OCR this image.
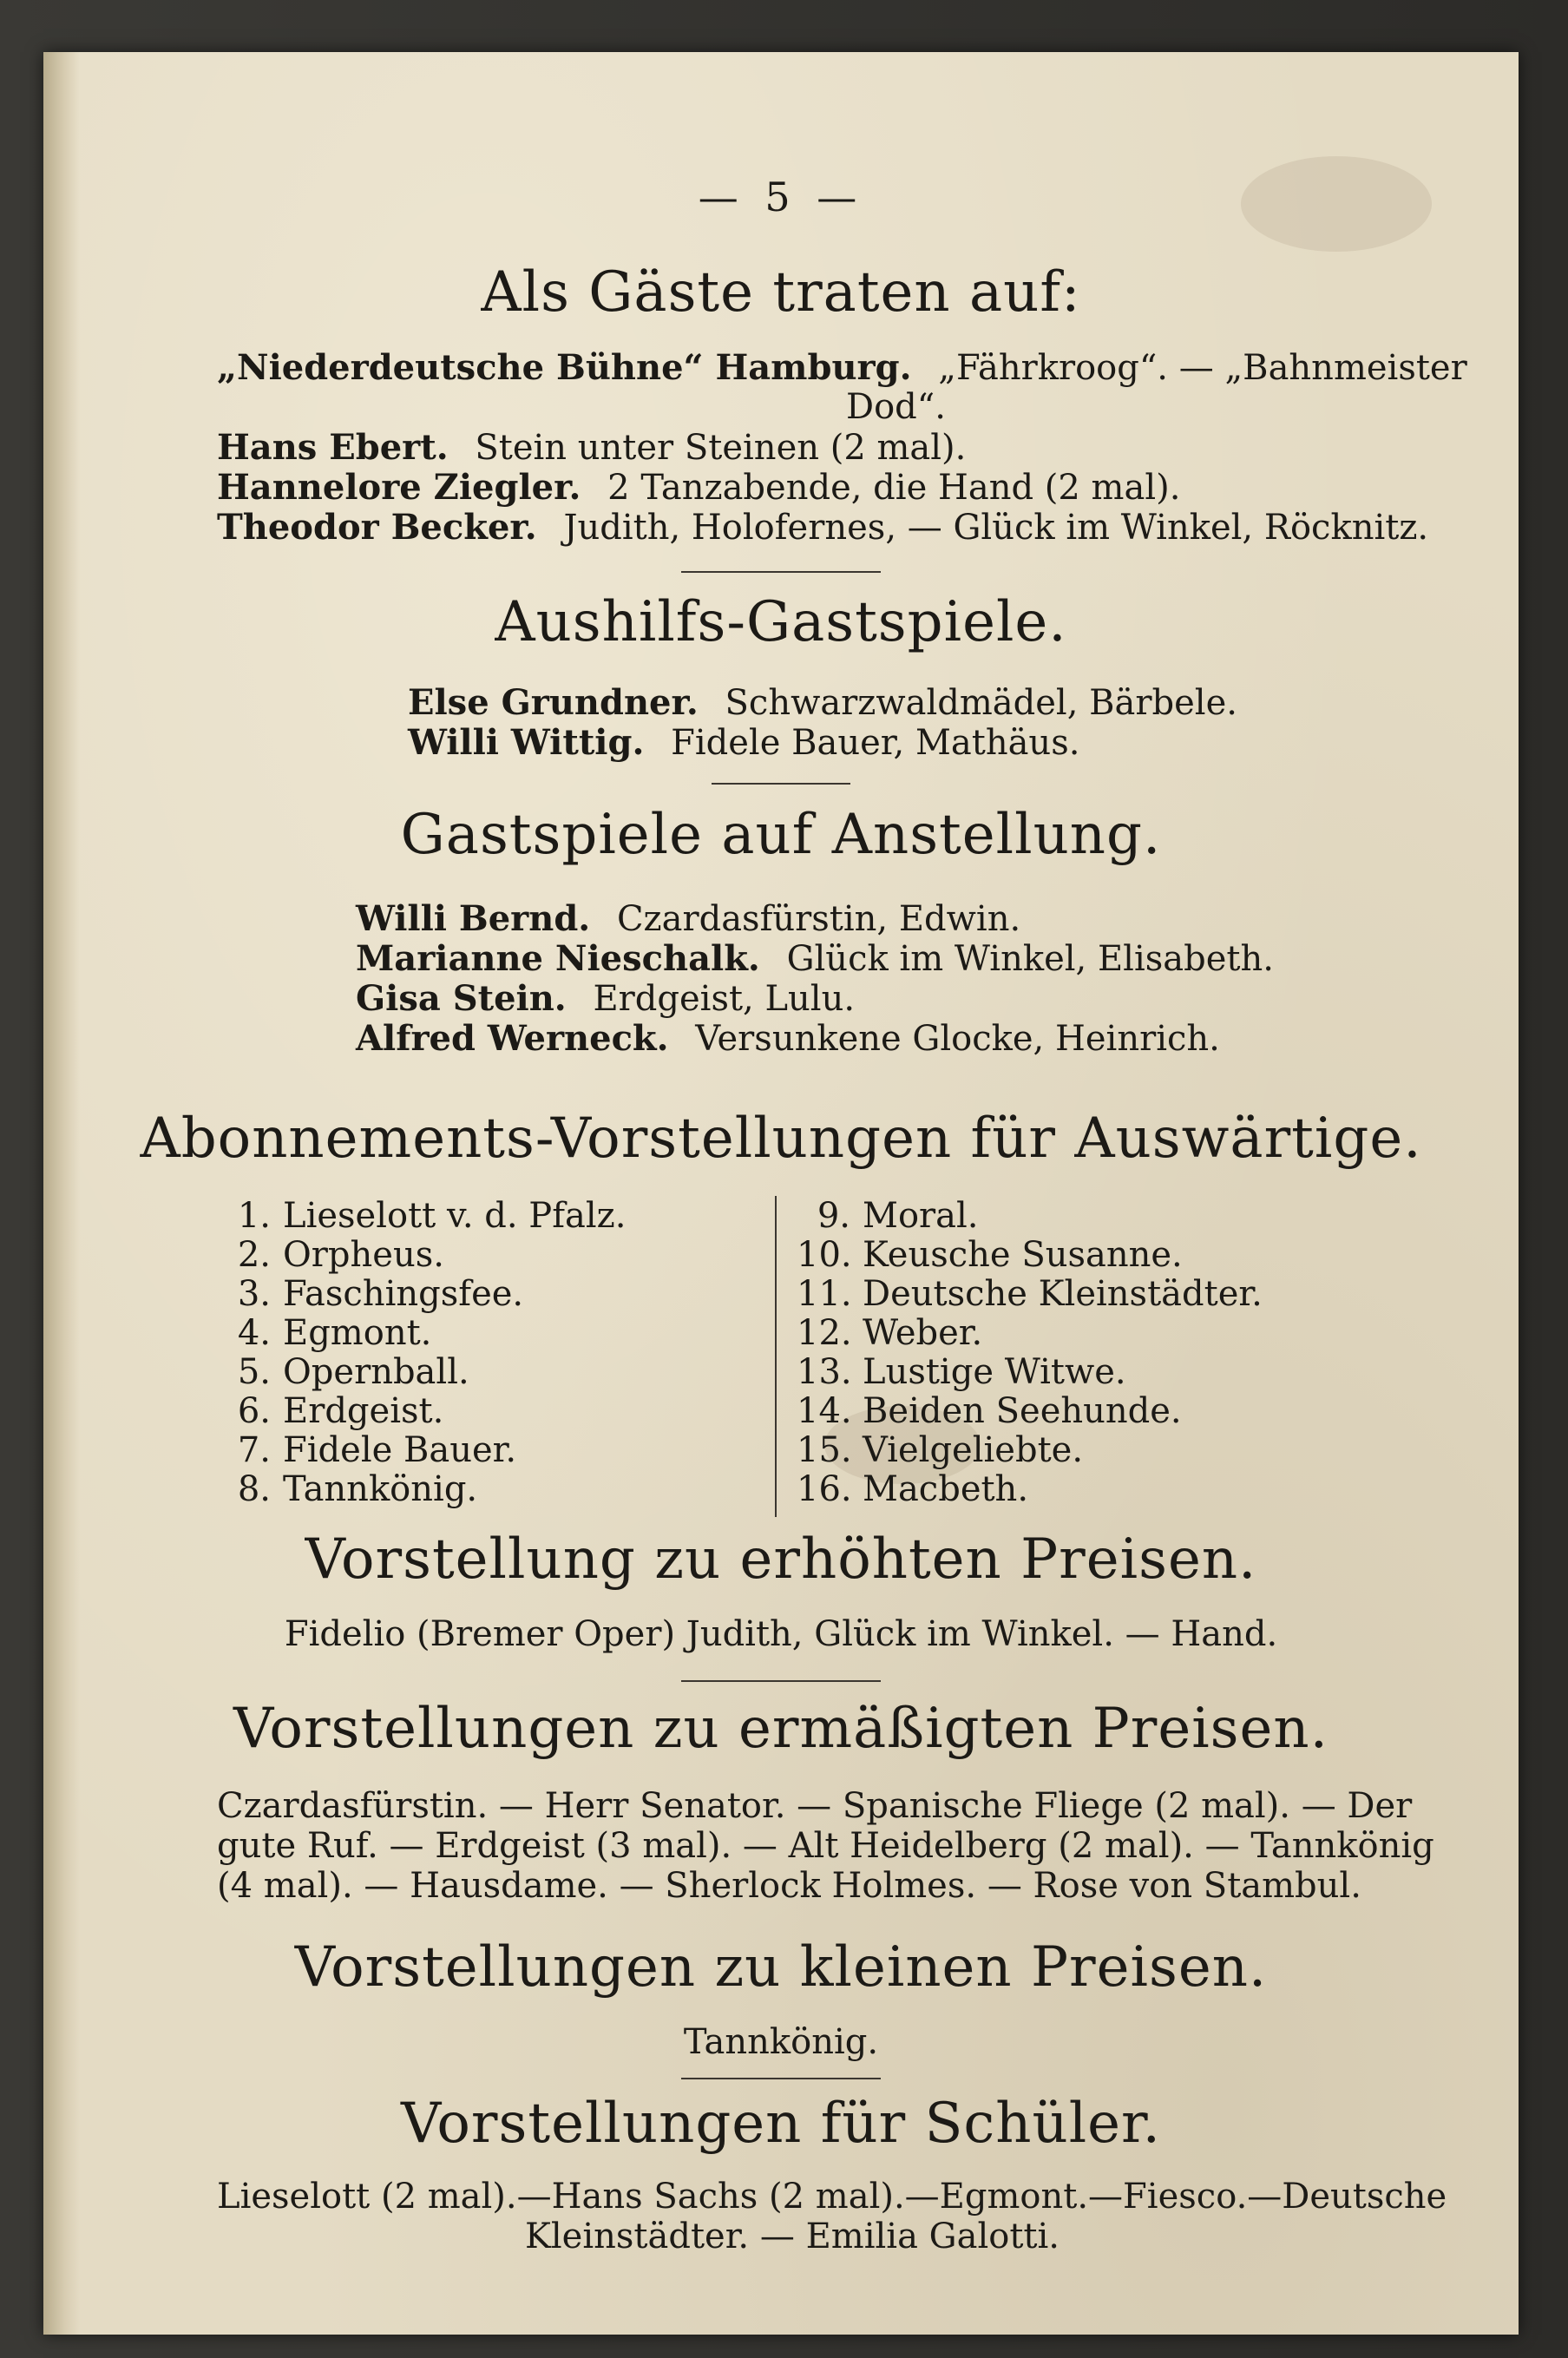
— 5 —
Als Gäste traten auf:
„Niederdeutsche Bühne“ Hamburg. „Fährkroog“. — „Bahnmeister
Dod“.
Hans Ebert. Stein unter Steinen (2 mal).
Hannelore Ziegler. 2 Tanzabende, die Hand (2 mal).
Theodor Becker. Judith, Holofernes, — Glück im Winkel, Röcknitz.
Aushilfs-Gastspiele.
Else Grundner. Schwarzwaldmädel, Bärbele.
Willi Wittig. Fidele Bauer, Mathäus.
Gastspiele auf Anstellung.
Willi Bernd. Czardasfürstin, Edwin.
Marianne Nieschalk. Glück im Winkel, Elisabeth.
Gisa Stein. Erdgeist, Lulu.
Alfred Werneck. Versunkene Glocke, Heinrich.
Abonnements-Vorstellungen für Auswärtige.
1. Lieselott v. d. Pfalz.
2. Orpheus.
3. Faschingsfee.
4. Egmont.
5. Opernball.
6. Erdgeist.
7. Fidele Bauer.
8. Tannkönig.
9. Moral.
10. Keusche Susanne.
11. Deutsche Kleinstädter.
12. Weber.
13. Lustige Witwe.
14. Beiden Seehunde.
15. Vielgeliebte.
16. Macbeth.
Vorstellung zu erhöhten Preisen.
Fidelio (Bremer Oper) Judith, Glück im Winkel. — Hand.
Vorstellungen zu ermäßigten Preisen.
Czardasfürstin. — Herr Senator. — Spanische Fliege (2 mal). — Der
gute Ruf. — Erdgeist (3 mal). — Alt Heidelberg (2 mal). — Tannkönig
(4 mal). — Hausdame. — Sherlock Holmes. — Rose von Stambul.
Vorstellungen zu kleinen Preisen.
Tannkönig.
Vorstellungen für Schüler.
Lieselott (2 mal).—Hans Sachs (2 mal).—Egmont.—Fiesco.—Deutsche
Kleinstädter. — Emilia Galotti.
